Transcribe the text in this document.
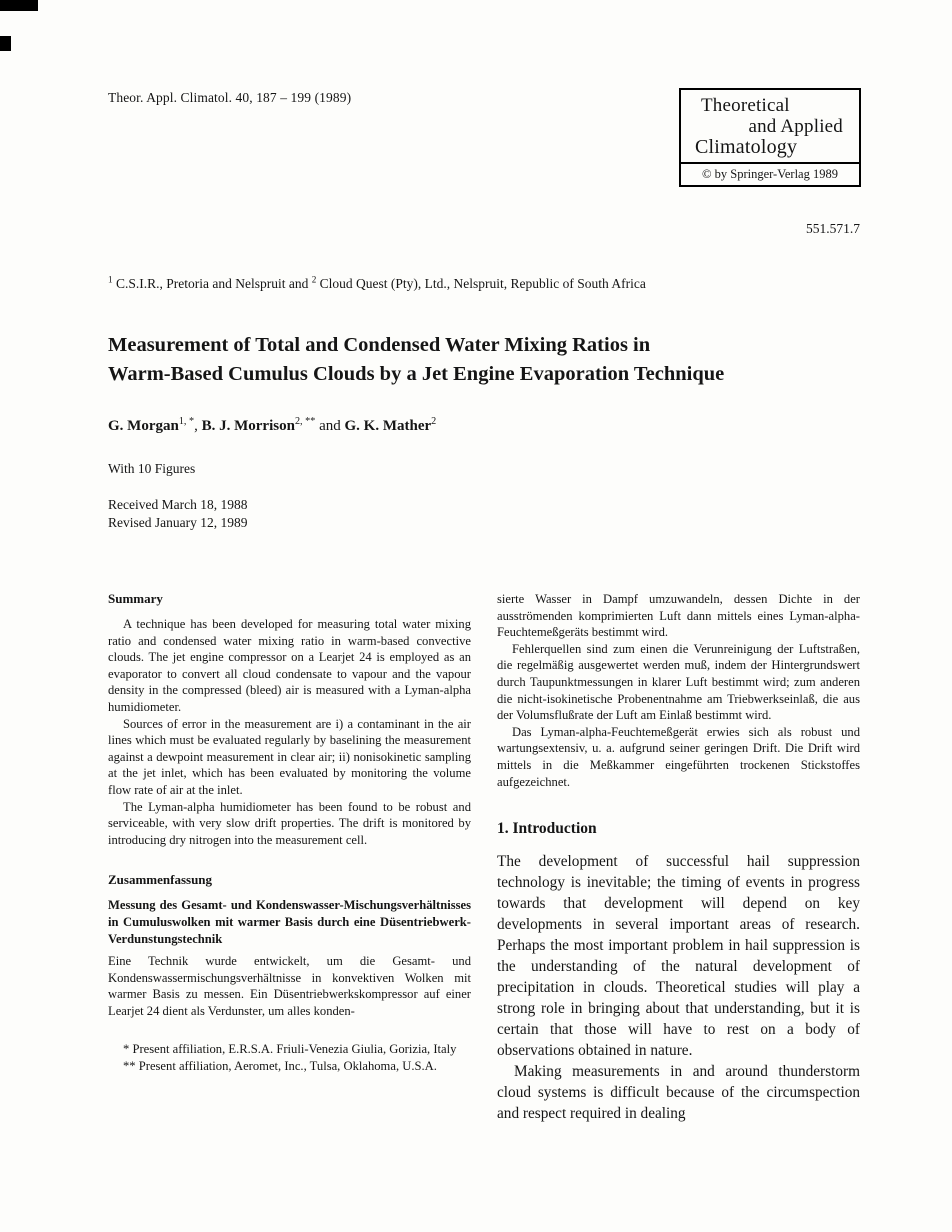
Theor. Appl. Climatol. 40, 187 – 199 (1989)	Theoretical
and Applied
Climatology
© by Springer-Verlag 1989
551.571.7
$^1$ C.S.I.R., Pretoria and Nelspruit and $^2$ Cloud Quest (Pty), Ltd., Nelspruit, Republic of South Africa
Measurement of Total and Condensed Water Mixing Ratios in
Warm-Based Cumulus Clouds by a Jet Engine Evaporation Technique
G. Morgan$^{1, *}$, B. J. Morrison$^{2, **}$ and G. K. Mather$^2$
With 10 Figures
Received March 18, 1988
Revised January 12, 1989
Summary

A technique has been developed for measuring total water mixing ratio and condensed water mixing ratio in warm-based convective clouds. The jet engine compressor on a Learjet 24 is employed as an evaporator to convert all cloud condensate to vapour and the vapour density in the compressed (bleed) air is measured with a Lyman-alpha humidiometer.

Sources of error in the measurement are i) a contaminant in the air lines which must be evaluated regularly by baselining the measurement against a dewpoint measurement in clear air; ii) nonisokinetic sampling at the jet inlet, which has been evaluated by monitoring the volume flow rate of air at the inlet.

The Lyman-alpha humidiometer has been found to be robust and serviceable, with very slow drift properties. The drift is monitored by introducing dry nitrogen into the measurement cell.

Zusammenfassung

Messung des Gesamt- und Kondenswasser-Mischungsverhältnisses in Cumuluswolken mit warmer Basis durch eine Düsentriebwerk-Verdunstungstechnik

Eine Technik wurde entwickelt, um die Gesamt- und Kondenswassermischungsverhältnisse in konvektiven Wolken mit warmer Basis zu messen. Ein Düsentriebwerkskompressor auf einer Learjet 24 dient als Verdunster, um alles konden-

* Present affiliation, E.R.S.A. Friuli-Venezia Giulia, Gorizia, Italy

** Present affiliation, Aeromet, Inc., Tulsa, Oklahoma, U.S.A.

sierte Wasser in Dampf umzuwandeln, dessen Dichte in der ausströmenden komprimierten Luft dann mittels eines Lyman-alpha-Feuchtemeßgeräts bestimmt wird.

Fehlerquellen sind zum einen die Verunreinigung der Luftstraßen, die regelmäßig ausgewertet werden muß, indem der Hintergrundswert durch Taupunktmessungen in klarer Luft bestimmt wird; zum anderen die nicht-isokinetische Probenentnahme am Triebwerkseinlaß, die aus der Volumsflußrate der Luft am Einlaß bestimmt wird.

Das Lyman-alpha-Feuchtemeßgerät erwies sich als robust und wartungsextensiv, u. a. aufgrund seiner geringen Drift. Die Drift wird mittels in die Meßkammer eingeführten trockenen Stickstoffes aufgezeichnet.

1. Introduction

The development of successful hail suppression technology is inevitable; the timing of events in progress towards that development will depend on key developments in several important areas of research. Perhaps the most important problem in hail suppression is the understanding of the natural development of precipitation in clouds. Theoretical studies will play a strong role in bringing about that understanding, but it is certain that those will have to rest on a body of observations obtained in nature.

Making measurements in and around thunderstorm cloud systems is difficult because of the circumspection and respect required in dealing
